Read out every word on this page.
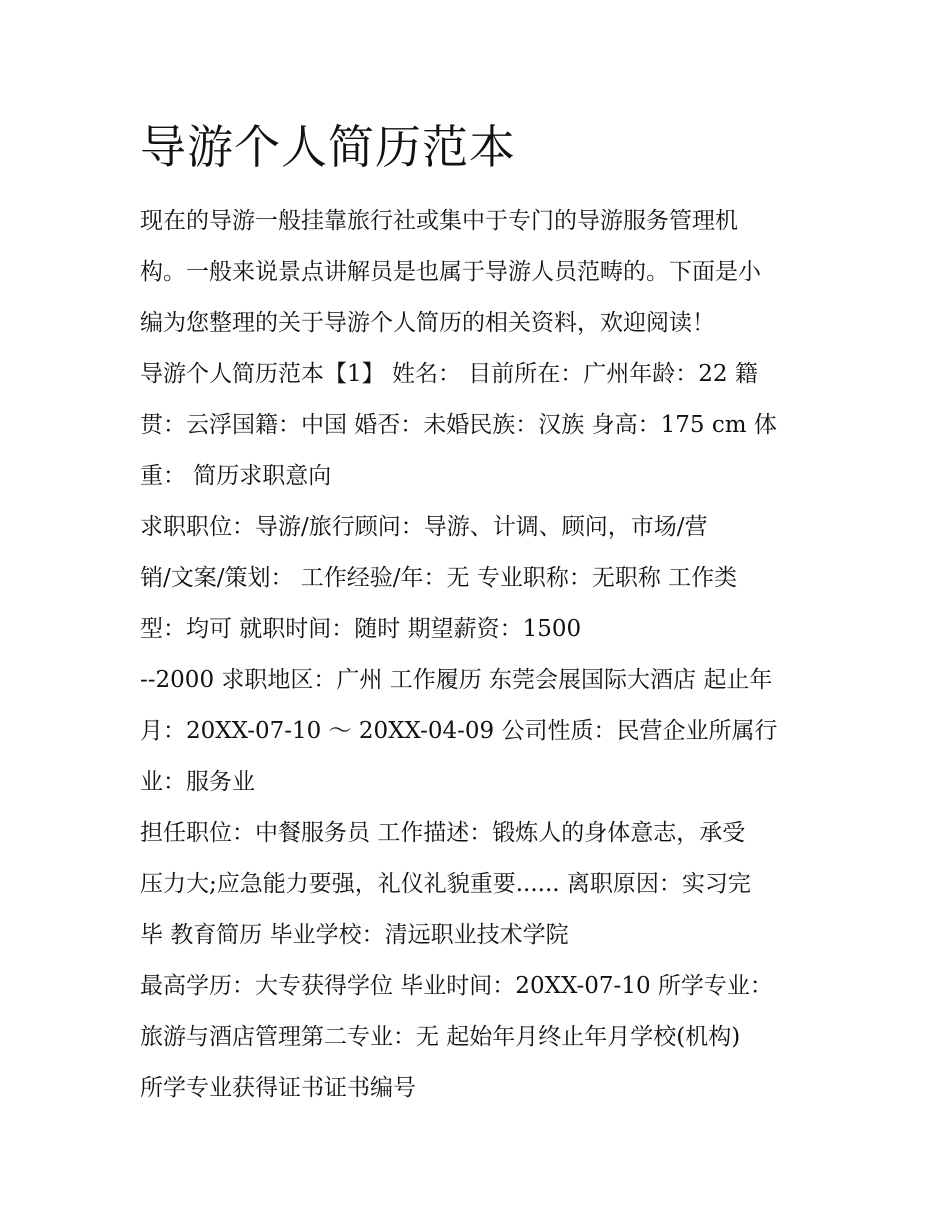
导游个人简历范本

现在的导游一般挂靠旅行社或集中于专门的导游服务管理机

构。一般来说景点讲解员是也属于导游人员范畴的。下面是小

编为您整理的关于导游个人简历的相关资料，欢迎阅读！

导游个人简历范本【1】 姓名： 目前所在：广州年龄：22 籍

贯：云浮国籍：中国 婚否：未婚民族：汉族 身高：175 cm 体

重： 简历求职意向

求职职位：导游/旅行顾问：导游、计调、顾问，市场/营

销/文案/策划： 工作经验/年：无 专业职称：无职称 工作类

型：均可 就职时间：随时 期望薪资：1500

--2000 求职地区：广州 工作履历 东莞会展国际大酒店 起止年

月：20XX-07-10 ～ 20XX-04-09 公司性质：民营企业所属行

业：服务业

担任职位：中餐服务员 工作描述：锻炼人的身体意志，承受

压力大;应急能力要强，礼仪礼貌重要...... 离职原因：实习完

毕 教育简历 毕业学校：清远职业技术学院

最高学历：大专获得学位 毕业时间：20XX-07-10 所学专业：

旅游与酒店管理第二专业：无 起始年月终止年月学校(机构)

所学专业获得证书证书编号
